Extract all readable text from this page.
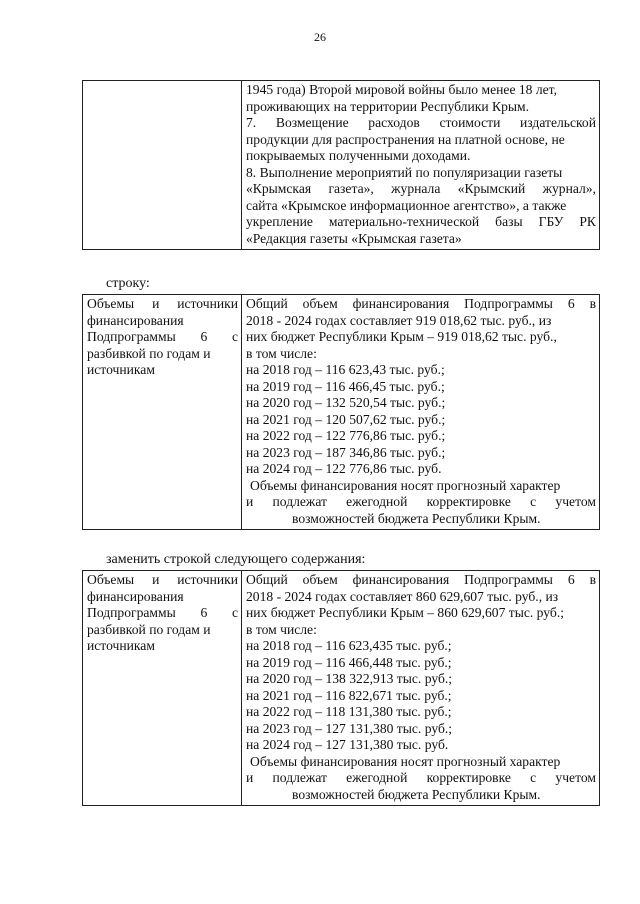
26

1945 года) Второй мировой войны было менее 18 лет,
проживающих на территории Республики Крым.
7. Возмещение расходов стоимости издательской
продукции для распространения на платной основе, не
покрываемых полученными доходами.
8. Выполнение мероприятий по популяризации газеты
«Крымская газета», журнала «Крымский журнал»,
сайта «Крымское информационное агентство», а также
укрепление материально-технической базы ГБУ РК
«Редакция газеты «Крымская газета»
строку:
Объемы и источники
финансирования
Подпрограммы 6 с
разбивкой по годам и
источникам

Общий объем финансирования Подпрограммы 6 в
2018 - 2024 годах составляет 919 018,62 тыс. руб., из
них бюджет Республики Крым – 919 018,62 тыс. руб.,
в том числе:
на 2018 год – 116 623,43 тыс. руб.;
на 2019 год – 116 466,45 тыс. руб.;
на 2020 год – 132 520,54 тыс. руб.;
на 2021 год – 120 507,62 тыс. руб.;
на 2022 год – 122 776,86 тыс. руб.;
на 2023 год – 187 346,86 тыс. руб.;
на 2024 год – 122 776,86 тыс. руб.
Объемы финансирования носят прогнозный характер
и подлежат ежегодной корректировке с учетом
возможностей бюджета Республики Крым.
заменить строкой следующего содержания:
Объемы и источники
финансирования
Подпрограммы 6 с
разбивкой по годам и
источникам

Общий объем финансирования Подпрограммы 6 в
2018 - 2024 годах составляет 860 629,607 тыс. руб., из
них бюджет Республики Крым – 860 629,607 тыс. руб.;
в том числе:
на 2018 год – 116 623,435 тыс. руб.;
на 2019 год – 116 466,448 тыс. руб.;
на 2020 год – 138 322,913 тыс. руб.;
на 2021 год – 116 822,671 тыс. руб.;
на 2022 год – 118 131,380 тыс. руб.;
на 2023 год – 127 131,380 тыс. руб.;
на 2024 год – 127 131,380 тыс. руб.
Объемы финансирования носят прогнозный характер
и подлежат ежегодной корректировке с учетом
возможностей бюджета Республики Крым.
